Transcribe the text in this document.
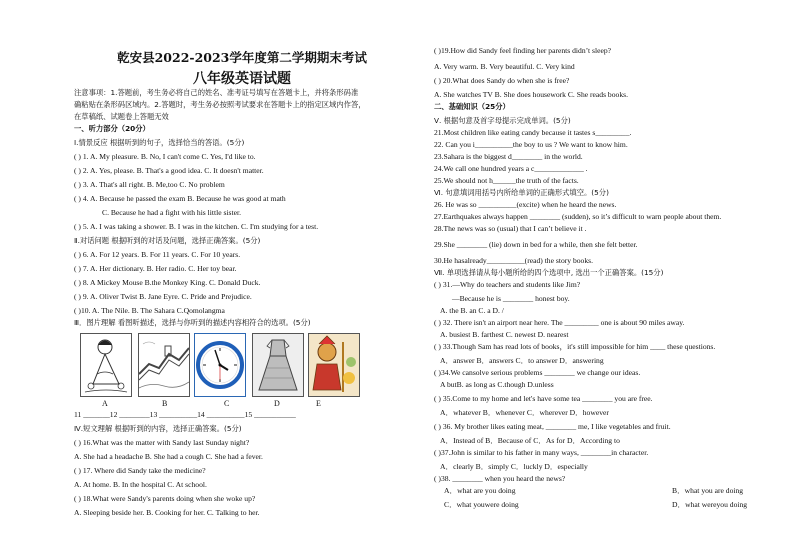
乾安县2022-2023学年度第二学期期末考试
八年级英语试题
注意事项：1.答题前，考生务必将自己的姓名、准考证号填写在答题卡上，并将条形码准
确粘贴在条形码区域内。2.答题时，考生务必按照考试要求在答题卡上的指定区域内作答，
在草稿纸、试题卷上答题无效
一、听力部分（20分）
Ⅰ.情景反应 根据听到的句子，选择恰当的答语。(5分)
( ) 1. A. My pleasure. B. No, I can't come C. Yes, I'd like to.
( ) 2. A. Yes, please. B. That's a good idea. C. It doesn't matter.
( ) 3. A. That's all right. B. Me,too C. No problem
( ) 4. A. Because he passed the exam B. Because he was good at math
C. Because he had a fight with his little sister.
( ) 5. A. I was taking a shower. B. I was in the kitchen. C. I'm studying for a test.
Ⅱ.对话问题 根据听到的对话及问题，选择正确答案。(5分)
( ) 6. A. For 12 years. B. For 11 years. C. For 10 years.
( ) 7. A. Her dictionary. B. Her radio. C. Her toy bear.
( ) 8. A Mickey Mouse B.the Monkey King. C. Donald Duck.
( ) 9. A. Oliver Twist B. Jane Eyre. C. Pride and Prejudice.
( )10. A. The Nile. B. The Sahara C.Qomolangma
Ⅲ．图片理解 看图听描述，选择与你听到的描述内容相符合的选项。(5分)
11 _______12 ________13 __________14 __________15 ___________
Ⅳ.短文理解 根据听到的内容，选择正确答案。(5分)
( ) 16.What was the matter with Sandy last Sunday night?
A. She had a headache B. She had a cough C. She had a fever.
( ) 17. Where did Sandy take the medicine?
A. At home. B. In the hospital C. At school.
( ) 18.What were Sandy's parents doing when she woke up?
A. Sleeping beside her. B. Cooking for her. C. Talking to her.
A	B	C	D	E
( )19.How did Sandy feel finding her parents didn’t sleep?
A. Very warm. B. Very beautiful. C. Very kind
( ) 20.What does Sandy do when she is free?
A. She watches TV B. She does housework C. She reads books.
二、基础知识（25分）
Ⅴ. 根据句意及首字母提示完成单词。(5分)
21.Most children like eating candy because it tastes s_________.
22. Can you i__________the boy to us ? We want to know him.
23.Sahara is the biggest d________ in the world.
24.We call one hundred years a c_____________ .
25.We should not h______the truth of the facts.
Ⅵ. 句意填词用括号内所给单词的正确形式填空。(5分)
26. He was so __________(excite) when he heard the news.
27.Earthquakes always happen ________ (sudden), so it’s difficult to warn people about them.
28.The news was so (usual) that I can’t believe it .
29.She ________ (lie) down in bed for a while, then she felt better.
30.He hasalready__________(read) the story books.
Ⅶ. 单项选择请从每小题所给的四个选项中, 选出一个正确答案。(15分)
( ) 31.—Why do teachers and students like Jim?
—Because he is ________ honest boy.
A. the B. an C. a D. /
( ) 32. There isn't an airport near here. The _________ one is about 90 miles away.
A. busiest B. farthest C. newest D. nearest
( ) 33.Though Sam has read lots of books，it's still impossible for him ____ these questions.
A．answer B．answers C．to answer D．answering
( )34.We cansolve serious problems ________ we change our ideas.
A butB. as long as C.though D.unless
( ) 35.Come to my home and let's have some tea ________ you are free.
A．whatever B．whenever C．wherever D．however
( ) 36. My brother likes eating meat, ________ me, I like vegetables and fruit.
A．Instead of B．Because of C．As for D．According to
( )37.John is similar to his father in many ways, ________in character.
A．clearly B．simply C．luckly D．especially
( )38. ________ when you heard the news?
A．what are you doing	B．what you are doing
C．what youwere doing	D．what wereyou doing
